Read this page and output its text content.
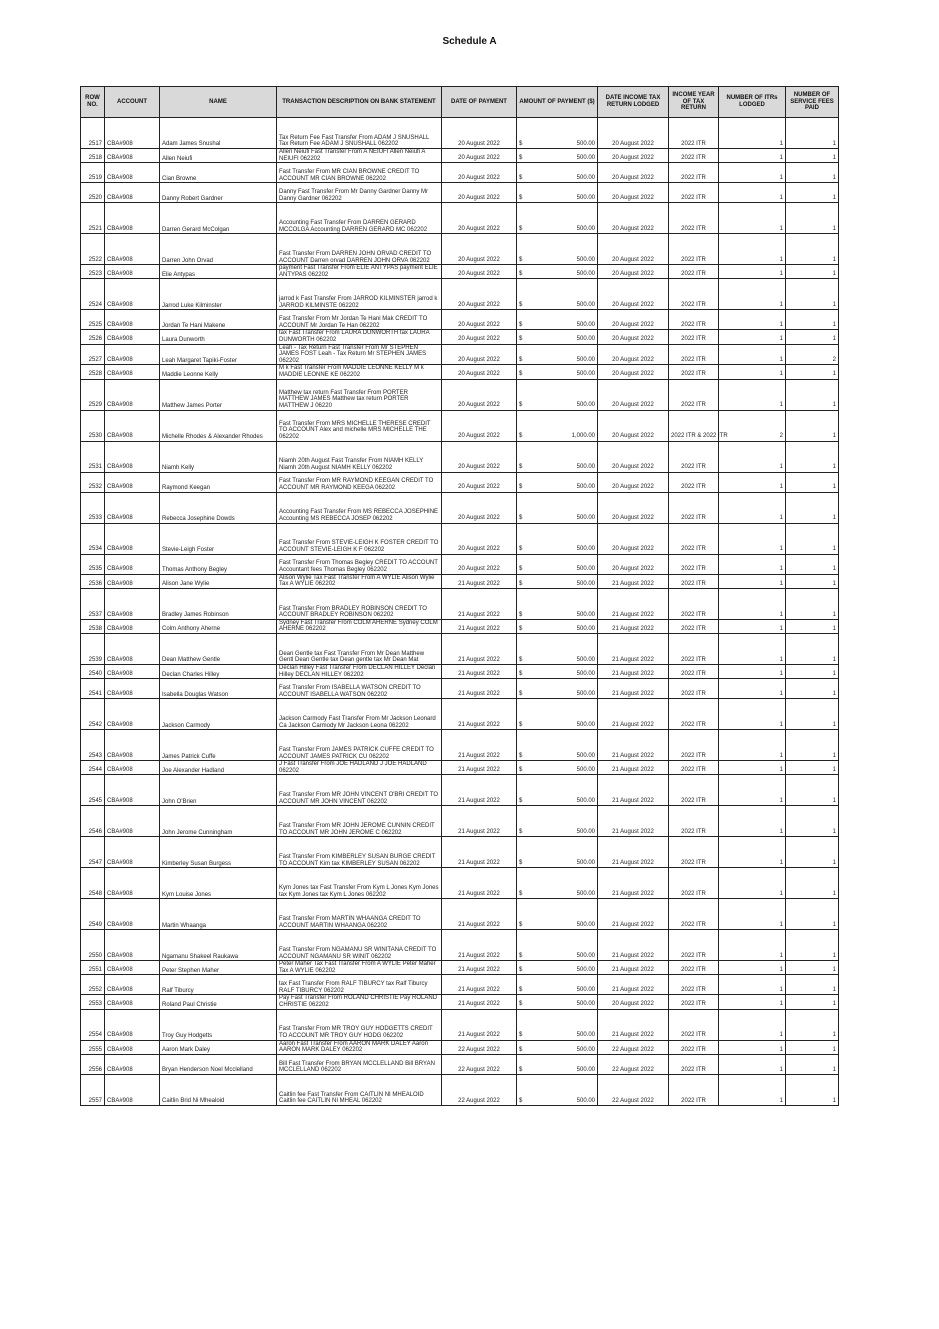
Schedule A
ROW NO.	ACCOUNT	NAME	TRANSACTION DESCRIPTION ON BANK STATEMENT	DATE OF PAYMENT	AMOUNT OF PAYMENT ($)	DATE INCOME TAX RETURN LODGED	INCOME YEAR OF TAX RETURN	NUMBER OF ITRs LODGED	NUMBER OF SERVICE FEES PAID
2517	CBA#908	Adam James Snushal	Tax Return Fee Fast Transfer From ADAM J SNUSHALL Tax Return Fee ADAM J SNUSHALL 062202	20 August 2022	$ 500.00	20 August 2022	2022 ITR	1	1
2518	CBA#908	Allen Neiufi	Allen Neiufi Fast Transfer From A NEIUFI Allen Neiufi A NEIUFI 062202	20 August 2022	$ 500.00	20 August 2022	2022 ITR	1	1
2519	CBA#908	Cian Browne	Fast Transfer From MR CIAN BROWNE CREDIT TO ACCOUNT MR CIAN BROWNE 062202	20 August 2022	$ 500.00	20 August 2022	2022 ITR	1	1
2520	CBA#908	Danny Robert Gardner	Danny Fast Transfer From Mr Danny Gardner Danny Mr Danny Gardner 062202	20 August 2022	$ 500.00	20 August 2022	2022 ITR	1	1
2521	CBA#908	Darren Gerard McColgan	Accounting Fast Transfer From DARREN GERARD MCCOLGA Accounting DARREN GERARD MC 062202	20 August 2022	$ 500.00	20 August 2022	2022 ITR	1	1
2522	CBA#908	Darren John Orvad	Fast Transfer From DARREN JOHN ORVAD CREDIT TO ACCOUNT Darren orvad DARREN JOHN ORVA 062202	20 August 2022	$ 500.00	20 August 2022	2022 ITR	1	1
2523	CBA#908	Elie Antypas	payment Fast Transfer From ELIE ANTYPAS payment ELIE ANTYPAS 062202	20 August 2022	$ 500.00	20 August 2022	2022 ITR	1	1
2524	CBA#908	Jarrod Luke Kilminster	jarrod k Fast Transfer From JARROD KILMINSTER jarrod k JARROD KILMINSTE 062202	20 August 2022	$ 500.00	20 August 2022	2022 ITR	1	1
2525	CBA#908	Jordan Te Hani Makene	Fast Transfer From Mr Jordan Te Hani Mak CREDIT TO ACCOUNT Mr Jordan Te Han 062202	20 August 2022	$ 500.00	20 August 2022	2022 ITR	1	1
2526	CBA#908	Laura Dunworth	tax Fast Transfer From LAURA DUNWORTH tax LAURA DUNWORTH 062202	20 August 2022	$ 500.00	20 August 2022	2022 ITR	1	1
2527	CBA#908	Leah Margaret Tapiki-Foster	Leah - Tax Return Fast Transfer From Mr STEPHEN JAMES FOST Leah - Tax Return Mr STEPHEN JAMES 062202	20 August 2022	$ 500.00	20 August 2022	2022 ITR	1	2
2528	CBA#908	Maddie Leonne Kelly	M k Fast Transfer From MADDIE LEONNE KELLY M k MADDIE LEONNE KE 062202	20 August 2022	$ 500.00	20 August 2022	2022 ITR	1	1
2529	CBA#908	Matthew James Porter	Matthew tax return Fast Transfer From PORTER MATTHEW JAMES Matthew tax return PORTER MATTHEW J 06220	20 August 2022	$ 500.00	20 August 2022	2022 ITR	1	1
2530	CBA#908	Michelle Rhodes & Alexander Rhodes	Fast Transfer From MRS MICHELLE THERESE CREDIT TO ACCOUNT Alex and michelle MRS MICHELLE THE 062202	20 August 2022	$ 1,000.00	20 August 2022	2022 ITR & 2022 ITR	2	1
2531	CBA#908	Niamh Kelly	Niamh 20th August Fast Transfer From NIAMH KELLY Niamh 20th August NIAMH KELLY 062202	20 August 2022	$ 500.00	20 August 2022	2022 ITR	1	1
2532	CBA#908	Raymond Keegan	Fast Transfer From MR RAYMOND KEEGAN CREDIT TO ACCOUNT MR RAYMOND KEEGA 062202	20 August 2022	$ 500.00	20 August 2022	2022 ITR	1	1
2533	CBA#908	Rebecca Josephine Dowds	Accounting Fast Transfer From MS REBECCA JOSEPHINE Accounting MS REBECCA JOSEP 062202	20 August 2022	$ 500.00	20 August 2022	2022 ITR	1	1
2534	CBA#908	Stevie-Leigh Foster	Fast Transfer From STEVIE-LEIGH K FOSTER CREDIT TO ACCOUNT STEVIE-LEIGH K F 062202	20 August 2022	$ 500.00	20 August 2022	2022 ITR	1	1
2535	CBA#908	Thomas Anthony Begley	Fast Transfer From Thomas Begley CREDIT TO ACCOUNT Accountant fees Thomas Begley 062202	20 August 2022	$ 500.00	20 August 2022	2022 ITR	1	1
2536	CBA#908	Alison Jane Wylie	Alison Wylie Tax Fast Transfer From A WYLIE Alison Wylie Tax A WYLIE 062202	21 August 2022	$ 500.00	21 August 2022	2022 ITR	1	1
2537	CBA#908	Bradley James Robinson	Fast Transfer From BRADLEY ROBINSON CREDIT TO ACCOUNT BRADLEY ROBINSON 062202	21 August 2022	$ 500.00	21 August 2022	2022 ITR	1	1
2538	CBA#908	Colm Anthony Aherne	Sydney Fast Transfer From COLM AHERNE Sydney COLM AHERNE 062202	21 August 2022	$ 500.00	21 August 2022	2022 ITR	1	1
2539	CBA#908	Dean Matthew Gentle	Dean Gentle tax Fast Transfer From Mr Dean Matthew Gentl Dean Gentle tax Dean gentle tax Mr Dean Mat	21 August 2022	$ 500.00	21 August 2022	2022 ITR	1	1
2540	CBA#908	Declan Charles Hilley	Declan Hilley Fast Transfer From DECLAN HILLEY Declan Hilley DECLAN HILLEY 062202	21 August 2022	$ 500.00	21 August 2022	2022 ITR	1	1
2541	CBA#908	Isabella Douglas Watson	Fast Transfer From ISABELLA WATSON CREDIT TO ACCOUNT ISABELLA WATSON 062202	21 August 2022	$ 500.00	21 August 2022	2022 ITR	1	1
2542	CBA#908	Jackson Carmody	Jackson Carmody Fast Transfer From Mr Jackson Leonard Ca Jackson Carmody Mr Jackson Leona 062202	21 August 2022	$ 500.00	21 August 2022	2022 ITR	1	1
2543	CBA#908	James Patrick Cuffe	Fast Transfer From JAMES PATRICK CUFFE CREDIT TO ACCOUNT JAMES PATRICK CU 062202	21 August 2022	$ 500.00	21 August 2022	2022 ITR	1	1
2544	CBA#908	Joe Alexander Hadland	J Fast Transfer From JOE HADLAND J JOE HADLAND 062202	21 August 2022	$ 500.00	21 August 2022	2022 ITR	1	1
2545	CBA#908	John O'Brien	Fast Transfer From MR JOHN VINCENT O'BRI CREDIT TO ACCOUNT MR JOHN VINCENT 062202	21 August 2022	$ 500.00	21 August 2022	2022 ITR	1	1
2546	CBA#908	John Jerome Cunningham	Fast Transfer From MR JOHN JEROME CUNNIN CREDIT TO ACCOUNT MR JOHN JEROME C 062202	21 August 2022	$ 500.00	21 August 2022	2022 ITR	1	1
2547	CBA#908	Kimberley Susan Burgess	Fast Transfer From KIMBERLEY SUSAN BURGE CREDIT TO ACCOUNT Kim tax KIMBERLEY SUSAN 062202	21 August 2022	$ 500.00	21 August 2022	2022 ITR	1	1
2548	CBA#908	Kym Louise Jones	Kym Jones tax Fast Transfer From Kym L Jones Kym Jones tax Kym Jones tax Kym L Jones 062202	21 August 2022	$ 500.00	21 August 2022	2022 ITR	1	1
2549	CBA#908	Martin Whaanga	Fast Transfer From MARTIN WHAANGA CREDIT TO ACCOUNT MARTIN WHAANGA 062202	21 August 2022	$ 500.00	21 August 2022	2022 ITR	1	1
2550	CBA#908	Ngamanu Shakeel Raukawa	Fast Transfer From NGAMANU SR WINITANA CREDIT TO ACCOUNT NGAMANU SR WINIT 062202	21 August 2022	$ 500.00	21 August 2022	2022 ITR	1	1
2551	CBA#908	Peter Stephen Maher	Peter Maher Tax Fast Transfer From A WYLIE Peter Maher Tax A WYLIE 062202	21 August 2022	$ 500.00	21 August 2022	2022 ITR	1	1
2552	CBA#908	Ralf Tiburcy	tax Fast Transfer From RALF TIBURCY tax Ralf Tiburcy RALF TIBURCY 062202	21 August 2022	$ 500.00	21 August 2022	2022 ITR	1	1
2553	CBA#908	Roland Paul Christie	Pay Fast Transfer From ROLAND CHRISTIE Pay ROLAND CHRISTIE 062202	21 August 2022	$ 500.00	20 August 2022	2022 ITR	1	1
2554	CBA#908	Troy Guy Hodgetts	Fast Transfer From MR TROY GUY HODGETTS CREDIT TO ACCOUNT MR TROY GUY HODG 062202	21 August 2022	$ 500.00	21 August 2022	2022 ITR	1	1
2555	CBA#908	Aaron Mark Daley	Aaron Fast Transfer From AARON MARK DALEY Aaron AARON MARK DALEY 062202	22 August 2022	$ 500.00	22 August 2022	2022 ITR	1	1
2556	CBA#908	Bryan Henderson Noel Mcclelland	Bill Fast Transfer From BRYAN MCCLELLAND Bill BRYAN MCCLELLAND 062202	22 August 2022	$ 500.00	22 August 2022	2022 ITR	1	1
2557	CBA#908	Caitlin Brid Ni Mhealoid	Caitlin fee Fast Transfer From CAITLIN NI MHEALOID Caitlin fee CAITLIN NI MHEAL 062202	22 August 2022	$ 500.00	22 August 2022	2022 ITR	1	1
